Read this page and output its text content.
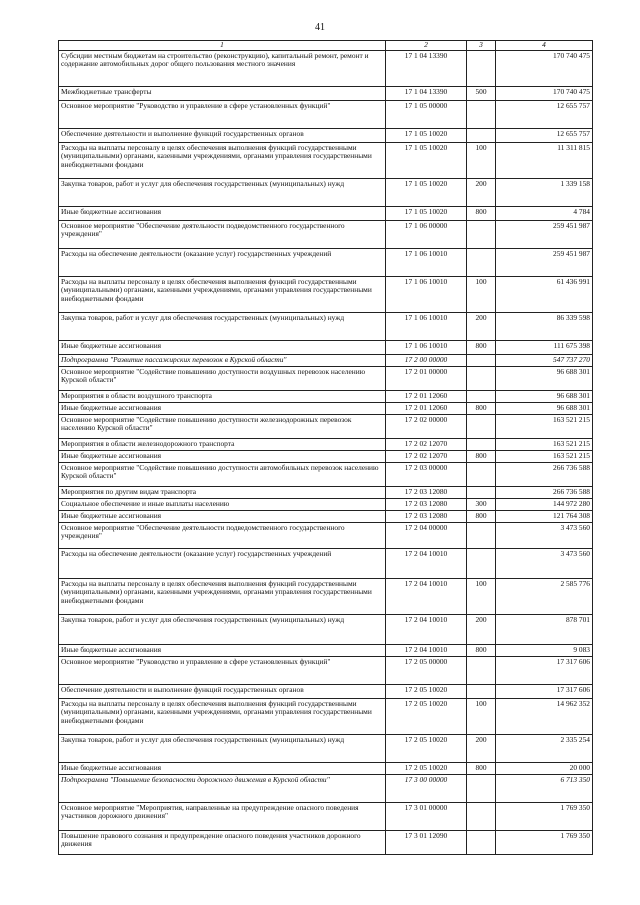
41
1	2	3	4
Субсидии местным бюджетам на строительство (реконструкцию), капитальный ремонт, ремонт и содержание автомобильных дорог общего пользования местного значения	17 1 04 13390		170 740 475
Межбюджетные трансферты	17 1 04 13390	500	170 740 475
Основное мероприятие "Руководство и управление в сфере установленных функций"	17 1 05 00000		12 655 757
Обеспечение деятельности и выполнение функций государственных органов	17 1 05 10020		12 655 757
Расходы на выплаты персоналу в целях обеспечения выполнения функций государственными (муниципальными) органами, казенными учреждениями, органами управления государственными внебюджетными фондами	17 1 05 10020	100	11 311 815
Закупка товаров, работ и услуг для обеспечения государственных (муниципальных) нужд	17 1 05 10020	200	1 339 158
Иные бюджетные ассигнования	17 1 05 10020	800	4 784
Основное мероприятие "Обеспечение деятельности подведомственного государственного учреждения"	17 1 06 00000		259 451 987
Расходы на обеспечение деятельности (оказание услуг) государственных учреждений	17 1 06 10010		259 451 987
Расходы на выплаты персоналу в целях обеспечения выполнения функций государственными (муниципальными) органами, казенными учреждениями, органами управления государственными внебюджетными фондами	17 1 06 10010	100	61 436 991
Закупка товаров, работ и услуг для обеспечения государственных (муниципальных) нужд	17 1 06 10010	200	86 339 598
Иные бюджетные ассигнования	17 1 06 10010	800	111 675 398
Подпрограмма "Развитие пассажирских перевозок в Курской области"	17 2 00 00000		547 737 270
Основное мероприятие "Содействие повышению доступности воздушных перевозок населению Курской области"	17 2 01 00000		96 688 301
Мероприятия в области воздушного транспорта	17 2 01 12060		96 688 301
Иные бюджетные ассигнования	17 2 01 12060	800	96 688 301
Основное мероприятие "Содействие повышению доступности железнодорожных перевозок населению Курской области"	17 2 02 00000		163 521 215
Мероприятия в области железнодорожного транспорта	17 2 02 12070		163 521 215
Иные бюджетные ассигнования	17 2 02 12070	800	163 521 215
Основное мероприятие "Содействие повышению доступности автомобильных перевозок населению Курской области"	17 2 03 00000		266 736 588
Мероприятия по другим видам транспорта	17 2 03 12080		266 736 588
Социальное обеспечение и иные выплаты населению	17 2 03 12080	300	144 972 280
Иные бюджетные ассигнования	17 2 03 12080	800	121 764 308
Основное мероприятие "Обеспечение деятельности подведомственного государственного учреждения"	17 2 04 00000		3 473 560
Расходы на обеспечение деятельности (оказание услуг) государственных учреждений	17 2 04 10010		3 473 560
Расходы на выплаты персоналу в целях обеспечения выполнения функций государственными (муниципальными) органами, казенными учреждениями, органами управления государственными внебюджетными фондами	17 2 04 10010	100	2 585 776
Закупка товаров, работ и услуг для обеспечения государственных (муниципальных) нужд	17 2 04 10010	200	878 701
Иные бюджетные ассигнования	17 2 04 10010	800	9 083
Основное мероприятие "Руководство и управление в сфере установленных функций"	17 2 05 00000		17 317 606
Обеспечение деятельности и выполнение функций государственных органов	17 2 05 10020		17 317 606
Расходы на выплаты персоналу в целях обеспечения выполнения функций государственными (муниципальными) органами, казенными учреждениями, органами управления государственными внебюджетными фондами	17 2 05 10020	100	14 962 352
Закупка товаров, работ и услуг для обеспечения государственных (муниципальных) нужд	17 2 05 10020	200	2 335 254
Иные бюджетные ассигнования	17 2 05 10020	800	20 000
Подпрограмма "Повышение безопасности дорожного движения в Курской области"	17 3 00 00000		6 713 350
Основное мероприятие "Мероприятия, направленные на предупреждение опасного поведения участников дорожного движения"	17 3 01 00000		1 769 350
Повышение правового сознания и предупреждение опасного поведения участников дорожного движения	17 3 01 12090		1 769 350
